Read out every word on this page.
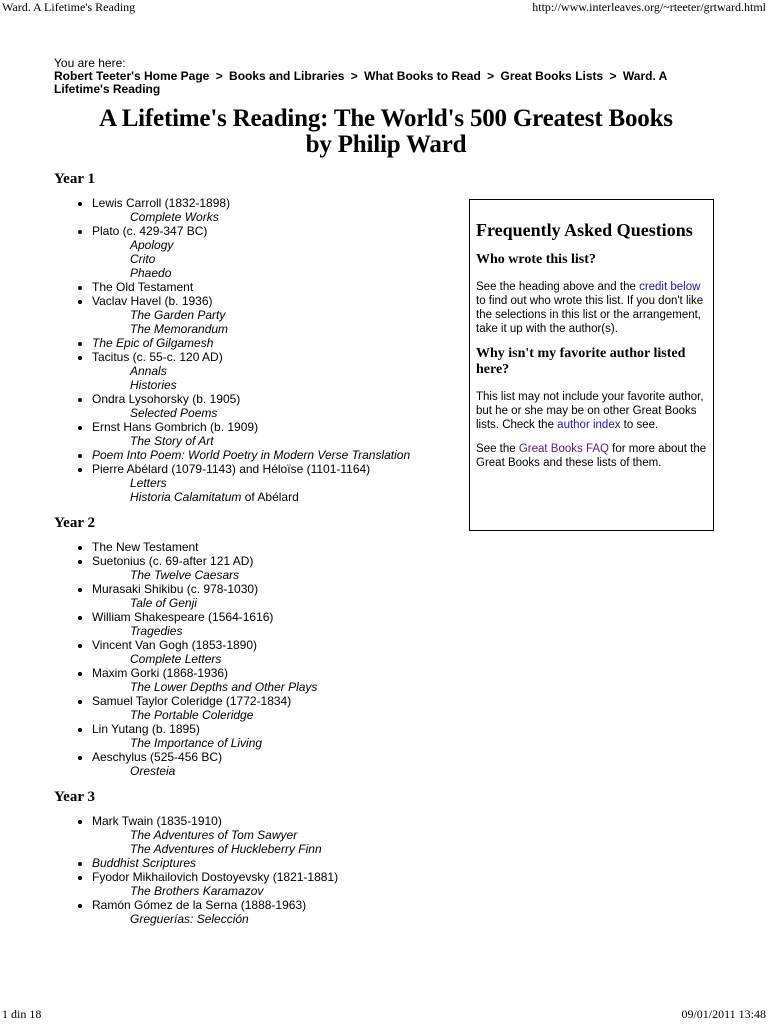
Ward. A Lifetime's Reading	http://www.interleaves.org/~rteeter/grtward.html
You are here:
Robert Teeter's Home Page > Books and Libraries > What Books to Read > Great Books Lists > Ward. A Lifetime's Reading
A Lifetime's Reading: The World's 500 Greatest Books
by Philip Ward
Year 1
• Lewis Carroll (1832-1898)
Complete Works
• Plato (c. 429-347 BC)
Apology
Crito
Phaedo
• The Old Testament
• Vaclav Havel (b. 1936)
The Garden Party
The Memorandum
• The Epic of Gilgamesh
• Tacitus (c. 55-c. 120 AD)
Annals
Histories
• Ondra Lysohorsky (b. 1905)
Selected Poems
• Ernst Hans Gombrich (b. 1909)
The Story of Art
• Poem Into Poem: World Poetry in Modern Verse Translation
• Pierre Abélard (1079-1143) and Héloïse (1101-1164)
Letters
Historia Calamitatum of Abélard
Year 2
• The New Testament
• Suetonius (c. 69-after 121 AD)
The Twelve Caesars
• Murasaki Shikibu (c. 978-1030)
Tale of Genji
• William Shakespeare (1564-1616)
Tragedies
• Vincent Van Gogh (1853-1890)
Complete Letters
• Maxim Gorki (1868-1936)
The Lower Depths and Other Plays
• Samuel Taylor Coleridge (1772-1834)
The Portable Coleridge
• Lin Yutang (b. 1895)
The Importance of Living
• Aeschylus (525-456 BC)
Oresteia
Year 3
• Mark Twain (1835-1910)
The Adventures of Tom Sawyer
The Adventures of Huckleberry Finn
• Buddhist Scriptures
• Fyodor Mikhailovich Dostoyevsky (1821-1881)
The Brothers Karamazov
• Ramón Gómez de la Serna (1888-1963)
Greguerías: Selección
Frequently Asked Questions
Who wrote this list?

See the heading above and the credit below to find out who wrote this list. If you don't like the selections in this list or the arrangement, take it up with the author(s).

Why isn't my favorite author listed here?

This list may not include your favorite author, but he or she may be on other Great Books lists. Check the author index to see.

See the Great Books FAQ for more about the Great Books and these lists of them.

1 din 18	09/01/2011 13:48
